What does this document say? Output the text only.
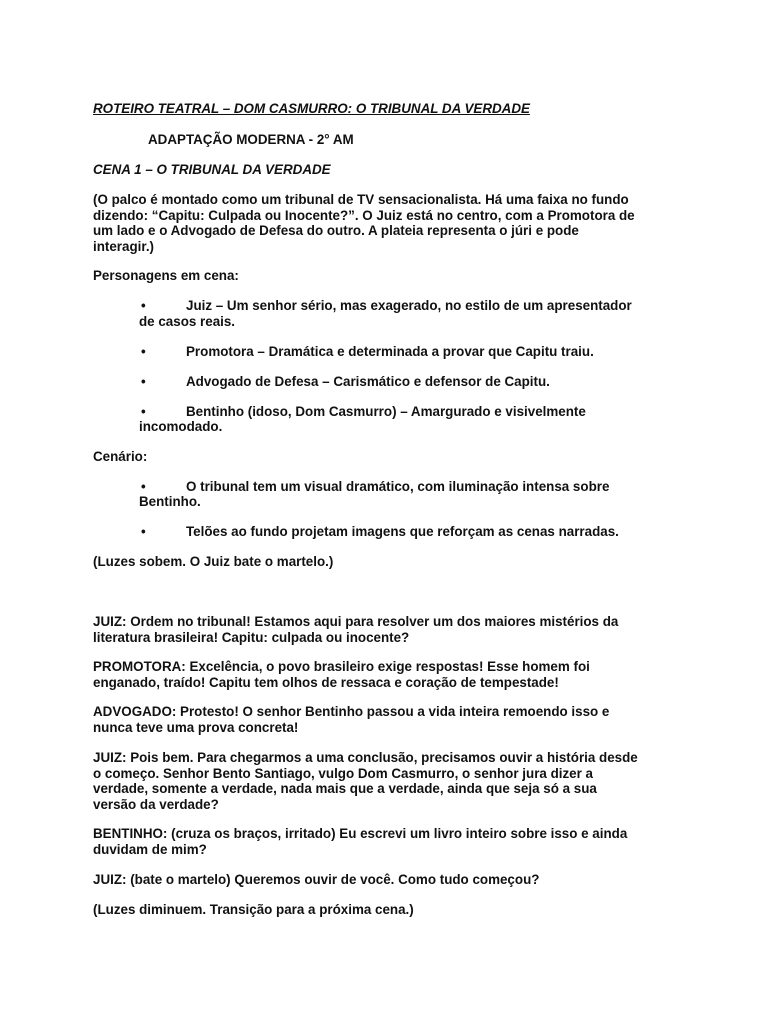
ROTEIRO TEATRAL – DOM CASMURRO: O TRIBUNAL DA VERDADE

ADAPTAÇÃO MODERNA - 2° AM

CENA 1 – O TRIBUNAL DA VERDADE

(O palco é montado como um tribunal de TV sensacionalista. Há uma faixa no fundo
dizendo: “Capitu: Culpada ou Inocente?”. O Juiz está no centro, com a Promotora de
um lado e o Advogado de Defesa do outro. A plateia representa o júri e pode
interagir.)

Personagens em cena:

•	Juiz – Um senhor sério, mas exagerado, no estilo de um apresentador
de casos reais.
•	Promotora – Dramática e determinada a provar que Capitu traiu.
•	Advogado de Defesa – Carismático e defensor de Capitu.
•	Bentinho (idoso, Dom Casmurro) – Amargurado e visivelmente
incomodado.

Cenário:

•	O tribunal tem um visual dramático, com iluminação intensa sobre
Bentinho.
•	Telões ao fundo projetam imagens que reforçam as cenas narradas.

(Luzes sobem. O Juiz bate o martelo.)

JUIZ: Ordem no tribunal! Estamos aqui para resolver um dos maiores mistérios da
literatura brasileira! Capitu: culpada ou inocente?

PROMOTORA: Excelência, o povo brasileiro exige respostas! Esse homem foi
enganado, traído! Capitu tem olhos de ressaca e coração de tempestade!

ADVOGADO: Protesto! O senhor Bentinho passou a vida inteira remoendo isso e
nunca teve uma prova concreta!

JUIZ: Pois bem. Para chegarmos a uma conclusão, precisamos ouvir a história desde
o começo. Senhor Bento Santiago, vulgo Dom Casmurro, o senhor jura dizer a
verdade, somente a verdade, nada mais que a verdade, ainda que seja só a sua
versão da verdade?

BENTINHO: (cruza os braços, irritado) Eu escrevi um livro inteiro sobre isso e ainda
duvidam de mim?

JUIZ: (bate o martelo) Queremos ouvir de você. Como tudo começou?

(Luzes diminuem. Transição para a próxima cena.)
